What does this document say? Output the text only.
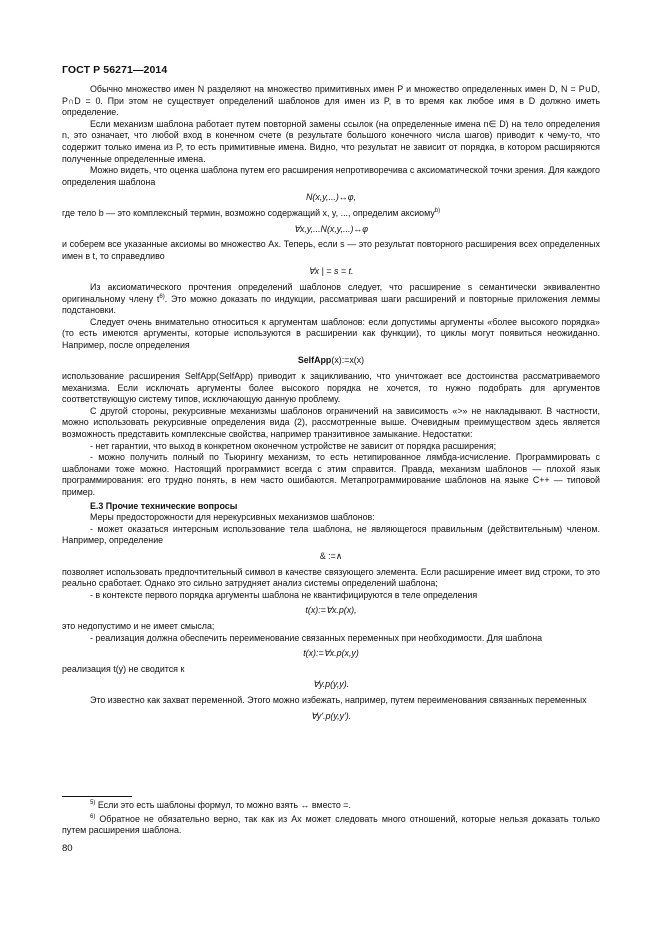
ГОСТ Р 56271—2014

Обычно множество имен N разделяют на множество примитивных имен P и множество определенных имен D, N = P∪D, P∩D = 0. При этом не существует определений шаблонов для имен из P, в то время как любое имя в D должно иметь определение.

Если механизм шаблона работает путем повторной замены ссылок (на определенные имена n∈ D) на тело определения n, это означает, что любой вход в конечном счете (в результате большого конечного числа шагов) приводит к чему-то, что содержит только имена из P, то есть примитивные имена. Видно, что результат не зависит от порядка, в котором расширяются полученные определенные имена.

Можно видеть, что оценка шаблона путем его расширения непротиворечива с аксиоматической точки зрения. Для каждого определения шаблона

N(x,y,...)↔φ,

где тело b — это комплексный термин, возможно содержащий x, y, ..., определим аксиому$^{b)}$

∀x,y,...N(x,y,...)↔φ

и соберем все указанные аксиомы во множество Ax. Теперь, если s — это результат повторного расширения всех определенных имен в t, то справедливо

∀x | = s = t.

Из аксиоматического прочтения определений шаблонов следует, что расширение s семантически эквивалентно оригинальному члену $t^{6)}$. Это можно доказать по индукции, рассматривая шаги расширений и повторные приложения леммы подстановки.

Следует очень внимательно относиться к аргументам шаблонов: если допустимы аргументы «более высокого порядка» (то есть имеются аргументы, которые используются в расширении как функции), то циклы могут появиться неожиданно. Например, после определения

SelfApp(x):=x(x)

использование расширения SelfApp(SelfApp) приводит к зацикливанию, что уничтожает все достоинства рассматриваемого механизма. Если исключать аргументы более высокого порядка не хочется, то нужно подобрать для аргументов соответствующую систему типов, исключающую данную проблему.

С другой стороны, рекурсивные механизмы шаблонов ограничений на зависимость «>» не накладывают. В частности, можно использовать рекурсивные определения вида (2), рассмотренные выше. Очевидным преимуществом здесь является возможность представить комплексные свойства, например транзитивное замыкание. Недостатки:

- нет гарантии, что выход в конкретном оконечном устройстве не зависит от порядка расширения;

- можно получить полный по Тьюрингу механизм, то есть нетипированное лямбда-исчисление. Программировать с шаблонами тоже можно. Настоящий программист всегда с этим справится. Правда, механизм шаблонов — плохой язык программирования: его трудно понять, в нем часто ошибаются. Метапрограммирование шаблонов на языке C++ — типовой пример.

Е.3 Прочие технические вопросы

Меры предосторожности для нерекурсивных механизмов шаблонов:

- может оказаться интерсным использование тела шаблона, не являющегося правильным (действительным) членом. Например, определение

& :=∧

позволяет использовать предпочтительный символ в качестве связующего элемента. Если расширение имеет вид строки, то это реально сработает. Однако это сильно затрудняет анализ системы определений шаблона;

- в контексте первого порядка аргументы шаблона не квантифицируются в теле определения

t(x):=∀x.p(x),

это недопустимо и не имеет смысла;

- реализация должна обеспечить переименование связанных переменных при необходимости. Для шаблона

t(x):=∀x.p(x,y)

реализация t(y) не сводится к

∀y.p(y,y).

Это известно как захват переменной. Этого можно избежать, например, путем переименования связанных переменных

∀y'.p(y,y').

$^{5)}$ Если это есть шаблоны формул, то можно взять ↔ вместо =.

$^{6)}$ Обратное не обязательно верно, так как из Ax может следовать много отношений, которые нельзя доказать только путем расширения шаблона.

80
